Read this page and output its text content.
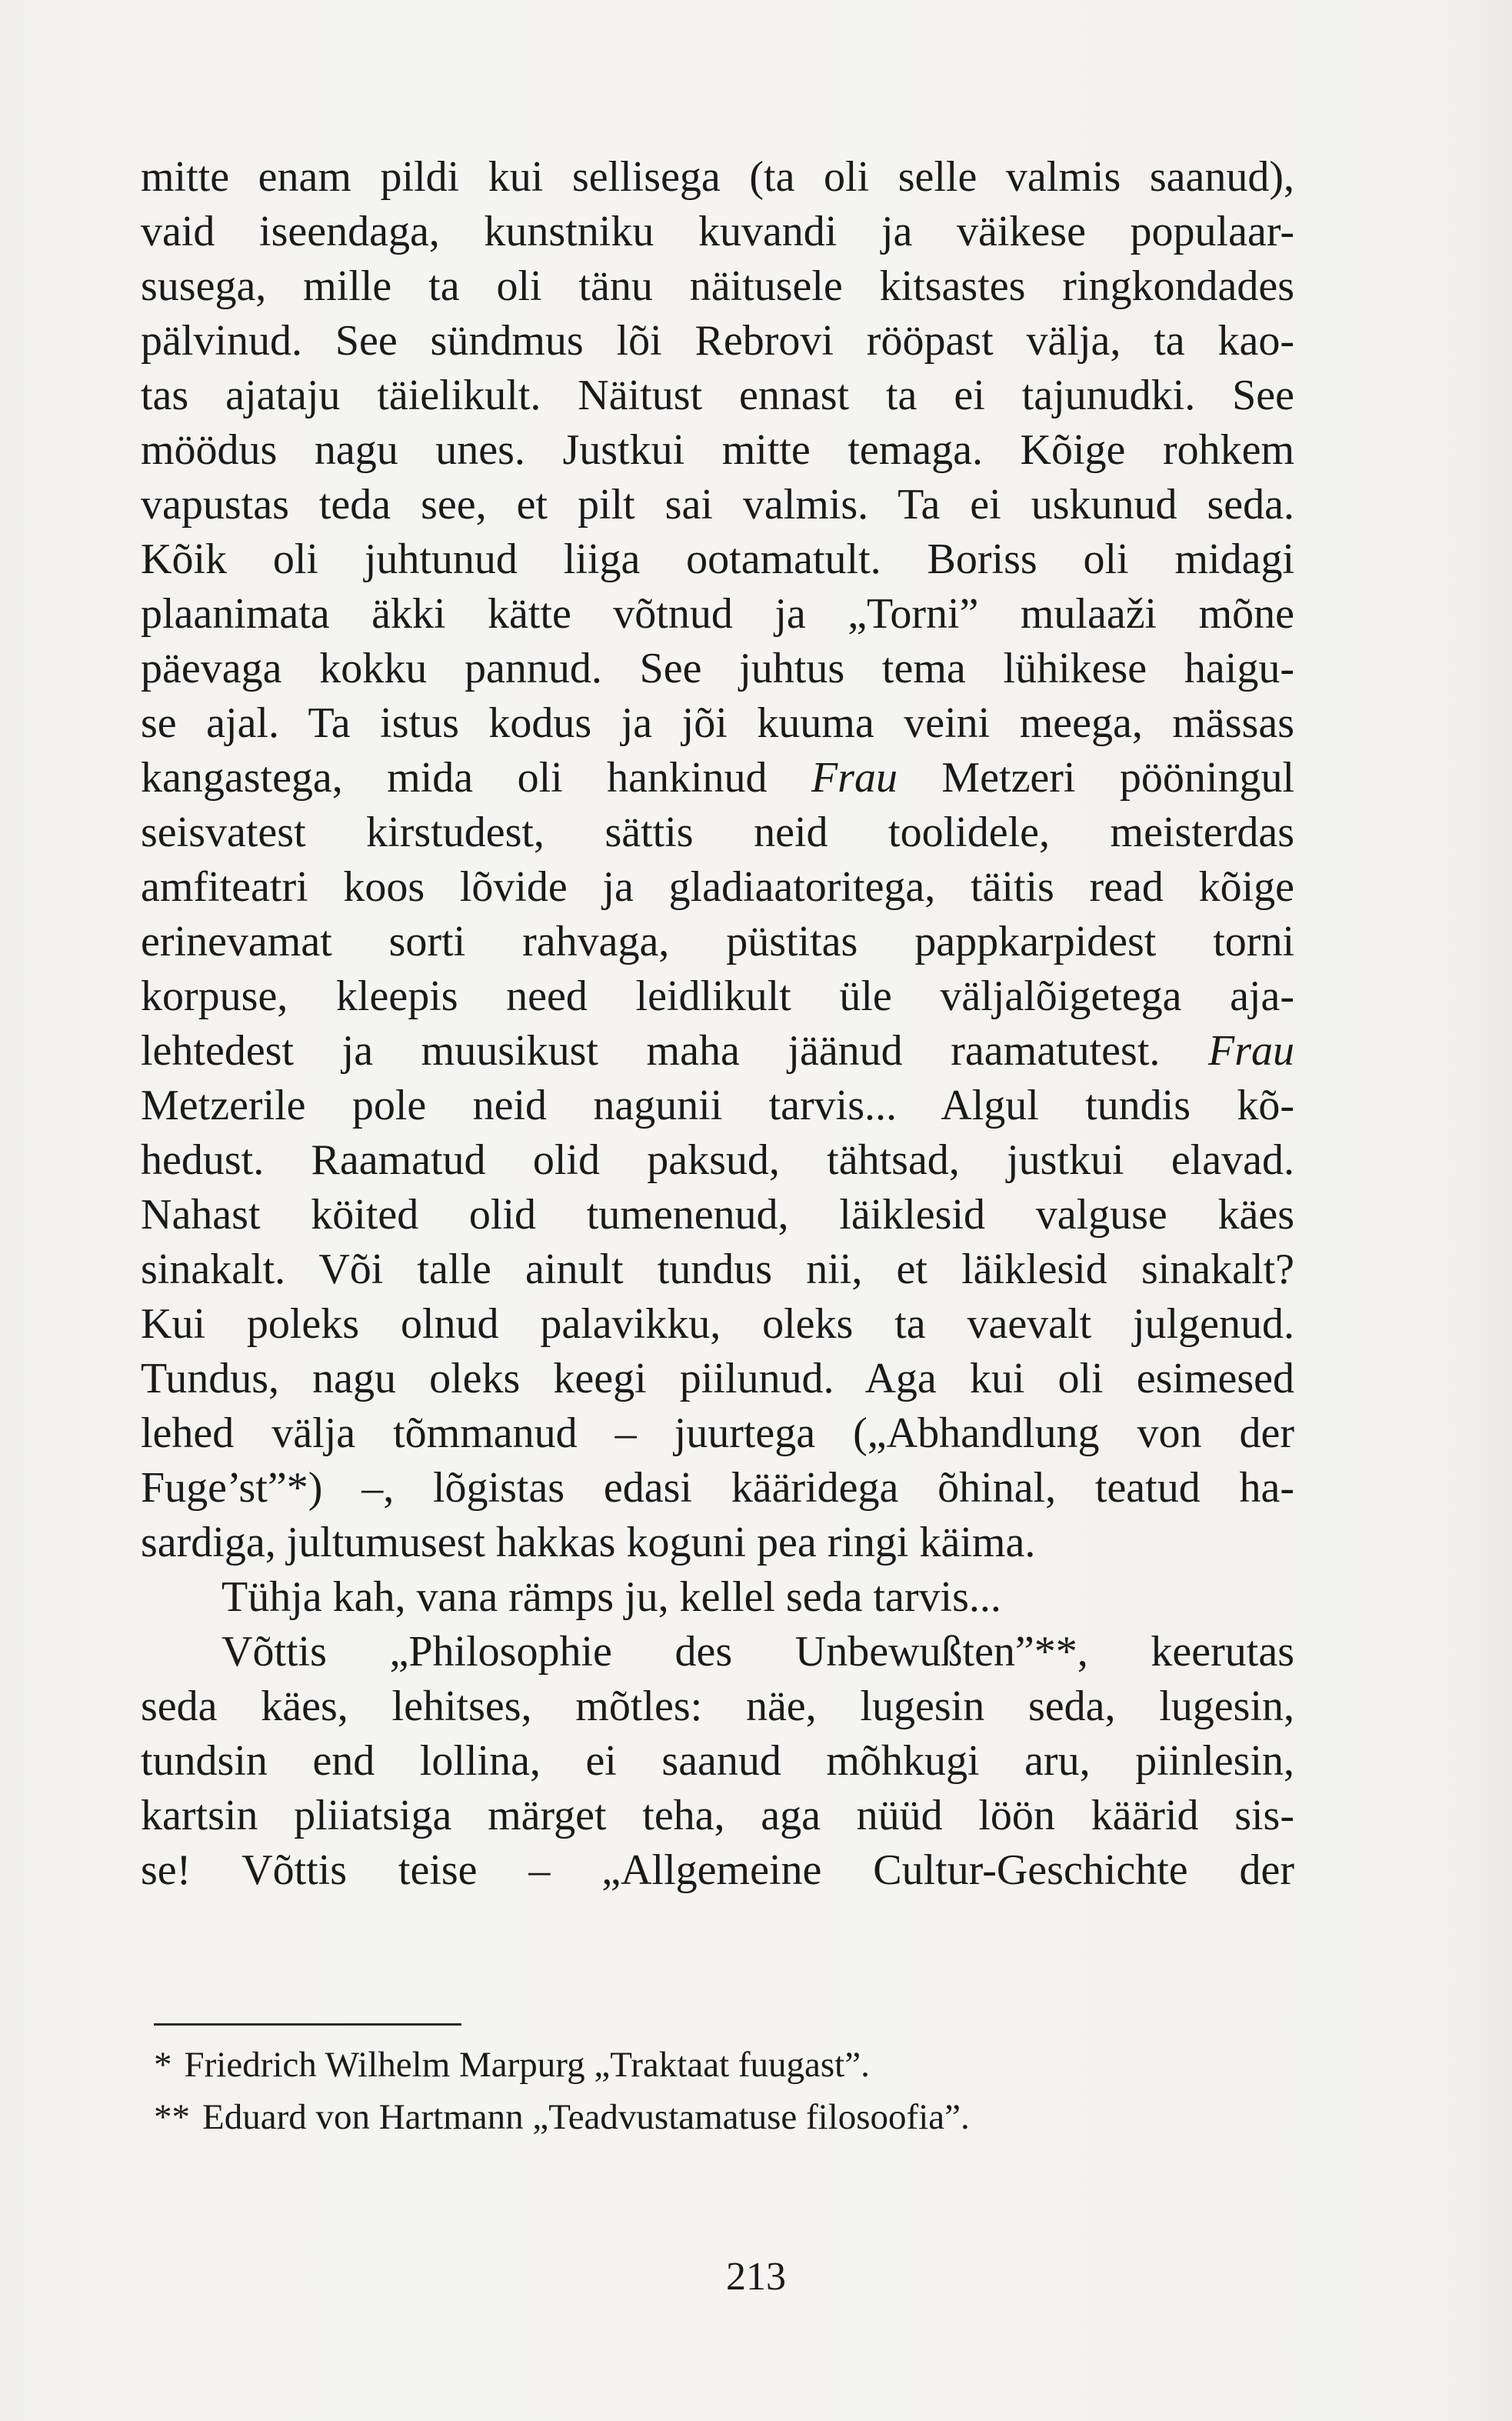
mitte enam pildi kui sellisega (ta oli selle valmis saanud),
vaid iseendaga, kunstniku kuvandi ja väikese populaar-
susega, mille ta oli tänu näitusele kitsastes ringkondades
pälvinud. See sündmus lõi Rebrovi rööpast välja, ta kao-
tas ajataju täielikult. Näitust ennast ta ei tajunudki. See
möödus nagu unes. Justkui mitte temaga. Kõige rohkem
vapustas teda see, et pilt sai valmis. Ta ei uskunud seda.
Kõik oli juhtunud liiga ootamatult. Boriss oli midagi
plaanimata äkki kätte võtnud ja „Torni” mulaaži mõne
päevaga kokku pannud. See juhtus tema lühikese haigu-
se ajal. Ta istus kodus ja jõi kuuma veini meega, mässas
kangastega, mida oli hankinud Frau Metzeri pööningul
seisvatest kirstudest, sättis neid toolidele, meisterdas
amfiteatri koos lõvide ja gladiaatoritega, täitis read kõige
erinevamat sorti rahvaga, püstitas pappkarpidest torni
korpuse, kleepis need leidlikult üle väljalõigetega aja-
lehtedest ja muusikust maha jäänud raamatutest. Frau
Metzerile pole neid nagunii tarvis... Algul tundis kõ-
hedust. Raamatud olid paksud, tähtsad, justkui elavad.
Nahast köited olid tumenenud, läiklesid valguse käes
sinakalt. Või talle ainult tundus nii, et läiklesid sinakalt?
Kui poleks olnud palavikku, oleks ta vaevalt julgenud.
Tundus, nagu oleks keegi piilunud. Aga kui oli esimesed
lehed välja tõmmanud – juurtega („Abhandlung von der
Fuge’st”*) –, lõgistas edasi kääridega õhinal, teatud ha-
sardiga, jultumusest hakkas koguni pea ringi käima.
Tühja kah, vana rämps ju, kellel seda tarvis...
Võttis „Philosophie des Unbewußten”**, keerutas
seda käes, lehitses, mõtles: näe, lugesin seda, lugesin,
tundsin end lollina, ei saanud mõhkugi aru, piinlesin,
kartsin pliiatsiga märget teha, aga nüüd löön käärid sis-
se! Võttis teise – „Allgemeine Cultur-Geschichte der
* Friedrich Wilhelm Marpurg „Traktaat fuugast”.
** Eduard von Hartmann „Teadvustamatuse filosoofia”.
213
